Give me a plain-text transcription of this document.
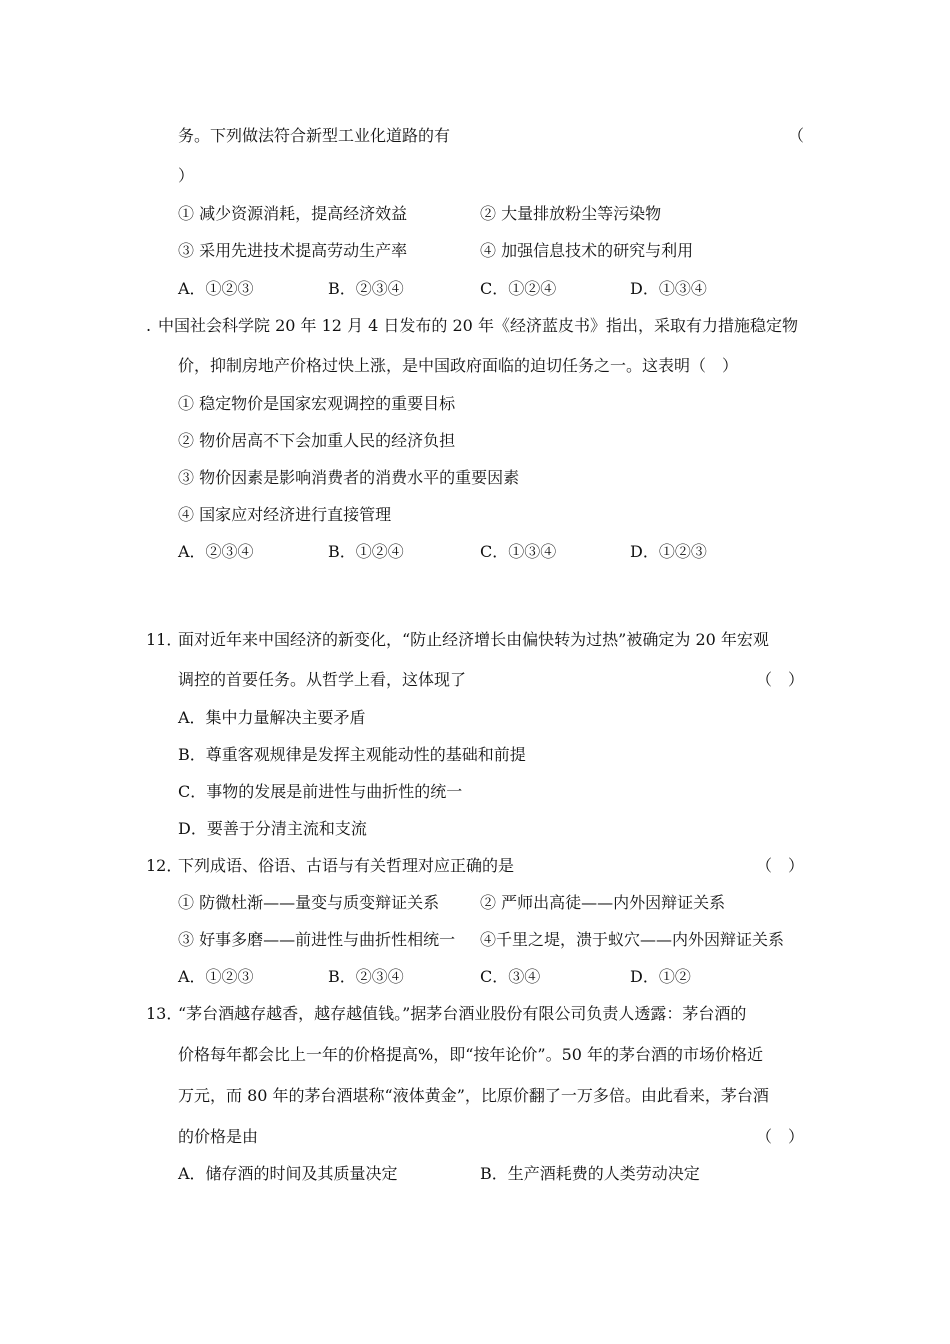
务。下列做法符合新型工业化道路的有	（
）
① 减少资源消耗，提高经济效益	② 大量排放粉尘等污染物
③ 采用先进技术提高劳动生产率	④ 加强信息技术的研究与利用
A．①②③	B．②③④	C．①②④	D．①③④
. 中国社会科学院 20 年 12 月 4 日发布的 20 年《经济蓝皮书》指出，采取有力措施稳定物
价，抑制房地产价格过快上涨，是中国政府面临的迫切任务之一。这表明（　）
① 稳定物价是国家宏观调控的重要目标
② 物价居高不下会加重人民的经济负担
③ 物价因素是影响消费者的消费水平的重要因素
④ 国家应对经济进行直接管理
A．②③④	B．①②④	C．①③④	D．①②③
11．
面对近年来中国经济的新变化，“防止经济增长由偏快转为过热”被确定为 20 年宏观
调控的首要任务。从哲学上看，这体现了	（　）
A．集中力量解决主要矛盾
B．尊重客观规律是发挥主观能动性的基础和前提
C．事物的发展是前进性与曲折性的统一
D．要善于分清主流和支流
12．
下列成语、俗语、古语与有关哲理对应正确的是	（　）
① 防微杜渐——量变与质变辩证关系	② 严师出高徒——内外因辩证关系
③ 好事多磨——前进性与曲折性相统一 ④千里之堤，溃于蚁穴——内外因辩证关系
A．①②③	B．②③④	C．③④	D．①②
13．
“茅台酒越存越香，越存越值钱。”据茅台酒业股份有限公司负责人透露：茅台酒的
价格每年都会比上一年的价格提高%，即“按年论价”。50 年的茅台酒的市场价格近
万元，而 80 年的茅台酒堪称“液体黄金”，比原价翻了一万多倍。由此看来，茅台酒
的价格是由	（　）
A．储存酒的时间及其质量决定	B．生产酒耗费的人类劳动决定
